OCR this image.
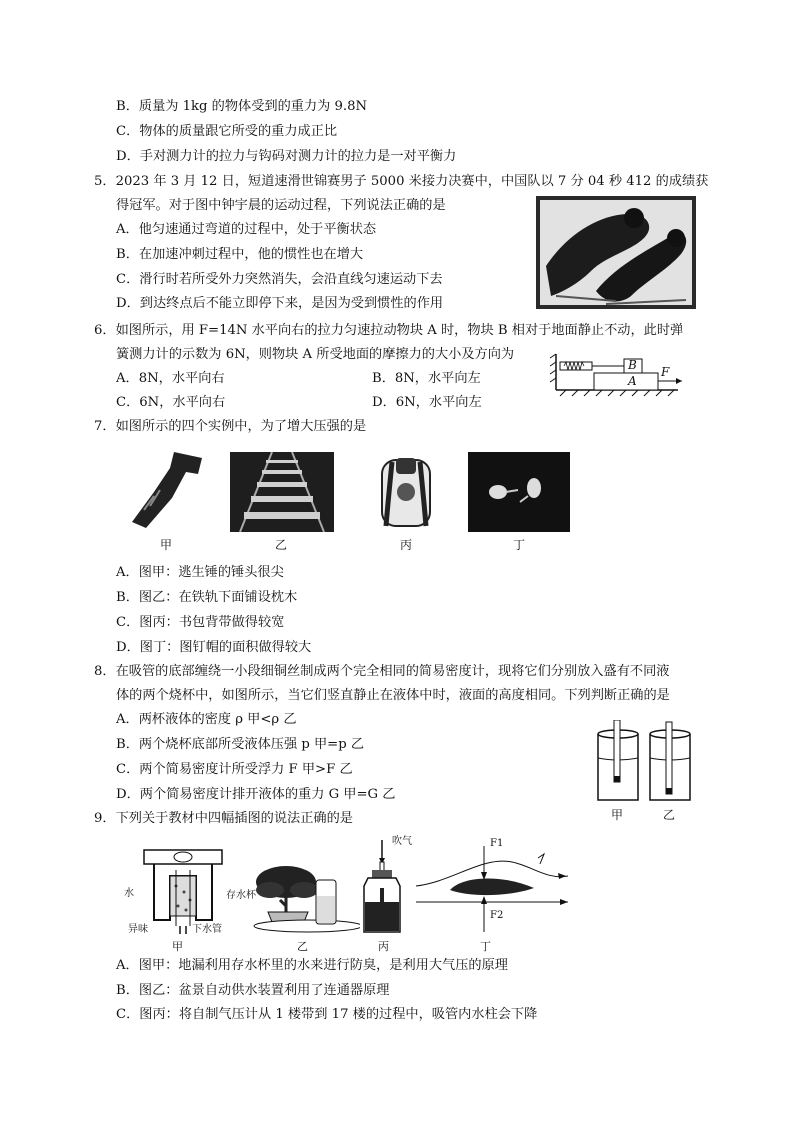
B．质量为 1kg 的物体受到的重力为 9.8N
C．物体的质量跟它所受的重力成正比
D．手对测力计的拉力与钩码对测力计的拉力是一对平衡力
5．2023 年 3 月 12 日，短道速滑世锦赛男子 5000 米接力决赛中，中国队以 7 分 04 秒 412 的成绩获
得冠军。对于图中钟宇晨的运动过程，下列说法正确的是
A．他匀速通过弯道的过程中，处于平衡状态
B．在加速冲刺过程中，他的惯性也在增大
C．滑行时若所受外力突然消失，会沿直线匀速运动下去
D．到达终点后不能立即停下来，是因为受到惯性的作用
6．如图所示，用 F=14N 水平向右的拉力匀速拉动物块 A 时，物块 B 相对于地面静止不动，此时弹
簧测力计的示数为 6N，则物块 A 所受地面的摩擦力的大小及方向为
A．8N，水平向右	B．8N，水平向左
C．6N，水平向右	D．6N，水平向左
B
A
F
7．如图所示的四个实例中，为了增大压强的是
甲	乙	丙	丁
A．图甲：逃生锤的锤头很尖
B．图乙：在铁轨下面铺设枕木
C．图丙：书包背带做得较宽
D．图丁：图钉帽的面积做得较大
8．在吸管的底部缠绕一小段细铜丝制成两个完全相同的简易密度计，现将它们分别放入盛有不同液
体的两个烧杯中，如图所示，当它们竖直静止在液体中时，液面的高度相同。下列判断正确的是
A．两杯液体的密度 ρ 甲<ρ 乙
B．两个烧杯底部所受液体压强 p 甲=p 乙
C．两个简易密度计所受浮力 F 甲>F 乙
D．两个简易密度计排开液体的重力 G 甲=G 乙
甲	乙
9．下列关于教材中四幅插图的说法正确的是
水	存水杯
异味	下水管
甲	乙
吹气
丙
F1
F2
丁
A．图甲：地漏利用存水杯里的水来进行防臭，是利用大气压的原理
B．图乙：盆景自动供水装置利用了连通器原理
C．图丙：将自制气压计从 1 楼带到 17 楼的过程中，吸管内水柱会下降
